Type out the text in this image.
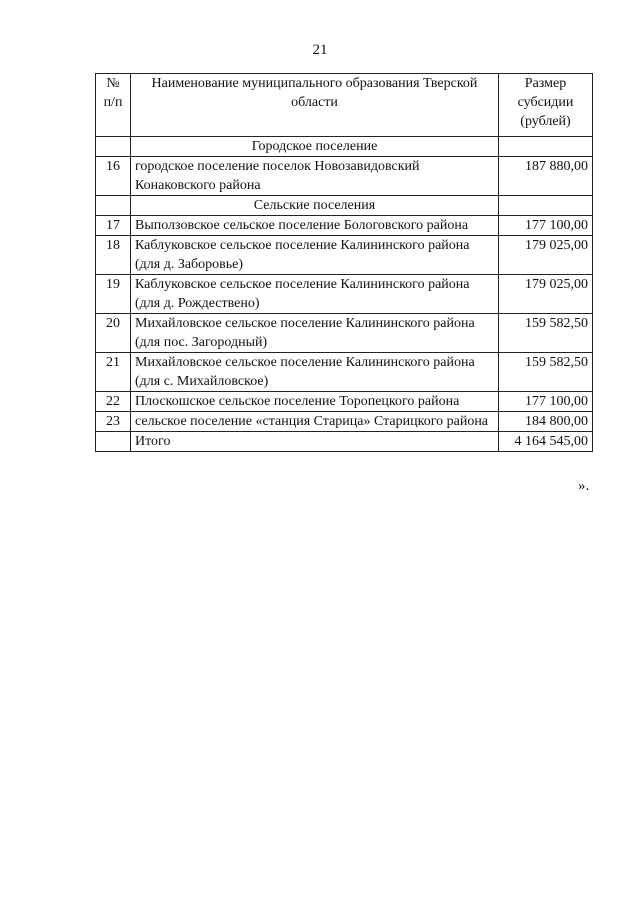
21
№ п/п	Наименование муниципального образования Тверской области	Размер субсидии (рублей)
	Городское поселение	
16	городское поселение поселок Новозавидовский Конаковского района	187 880,00
	Сельские поселения	
17	Выползовское сельское поселение Бологовского района	177 100,00
18	Каблуковское сельское поселение Калининского района (для д. Заборовье)	179 025,00
19	Каблуковское сельское поселение Калининского района (для д. Рождествено)	179 025,00
20	Михайловское сельское поселение Калининского района (для пос. Загородный)	159 582,50
21	Михайловское сельское поселение Калининского района (для с. Михайловское)	159 582,50
22	Плоскошское сельское поселение Торопецкого района	177 100,00
23	сельское поселение «станция Старица» Старицкого района	184 800,00
	Итого	4 164 545,00
».
